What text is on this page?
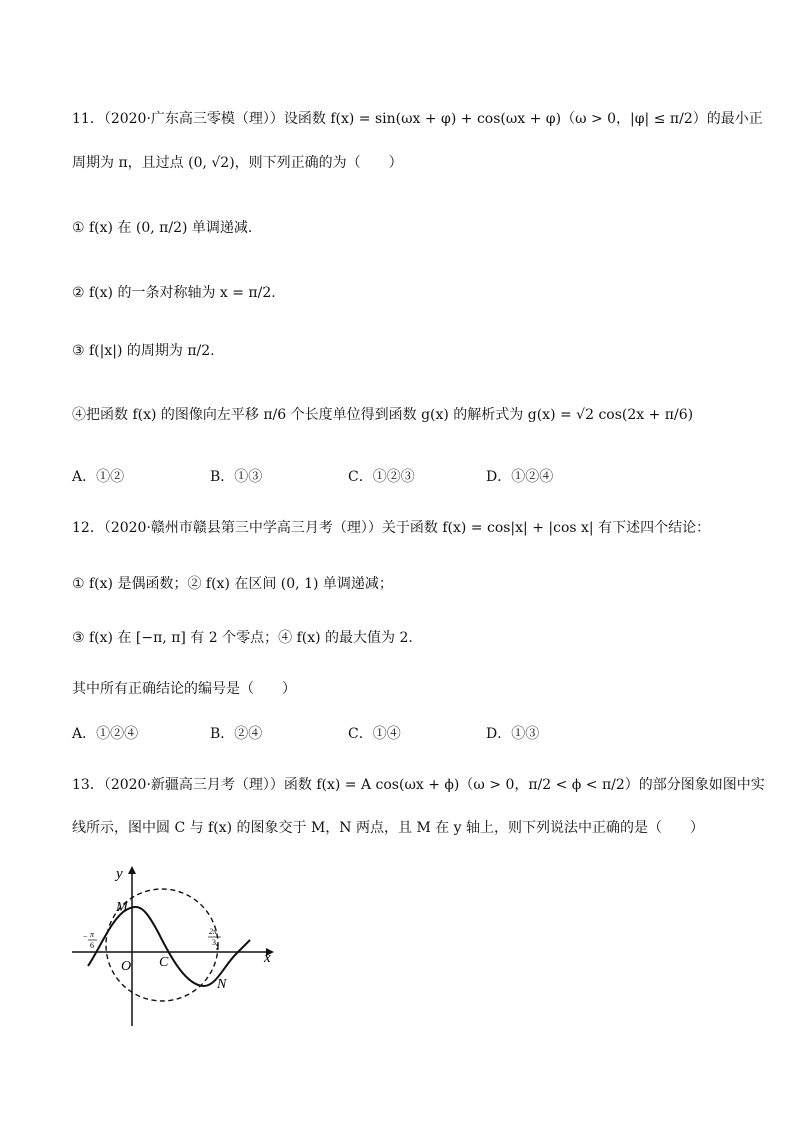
11．（2020·广东高三零模（理））设函数 f(x) = sin(ωx + φ) + cos(ωx + φ)（ω > 0，|φ| ≤ π/2）的最小正
周期为 π，且过点 (0, √2)，则下列正确的为（　　）
① f(x) 在 (0, π/2) 单调递减.
② f(x) 的一条对称轴为 x = π/2.
③ f(|x|) 的周期为 π/2.
④把函数 f(x) 的图像向左平移 π/6 个长度单位得到函数 g(x) 的解析式为 g(x) = √2 cos(2x + π/6)
A．①②	B．①③	C．①②③	D．①②④
12．（2020·赣州市赣县第三中学高三月考（理））关于函数 f(x) = cos|x| + |cos x| 有下述四个结论：
① f(x) 是偶函数；② f(x) 在区间 (0, 1) 单调递减；
③ f(x) 在 [−π, π] 有 2 个零点；④ f(x) 的最大值为 2.
其中所有正确结论的编号是（　　）
A．①②④	B．②④	C．①④	D．①③
13．（2020·新疆高三月考（理））函数 f(x) = A cos(ωx + ϕ)（ω > 0，π/2 < ϕ < π/2）的部分图象如图中实
线所示，图中圆 C 与 f(x) 的图象交于 M，N 两点，且 M 在 y 轴上，则下列说法中正确的是（　　）
y
x
M
O C
N
− π
6
2π
3
